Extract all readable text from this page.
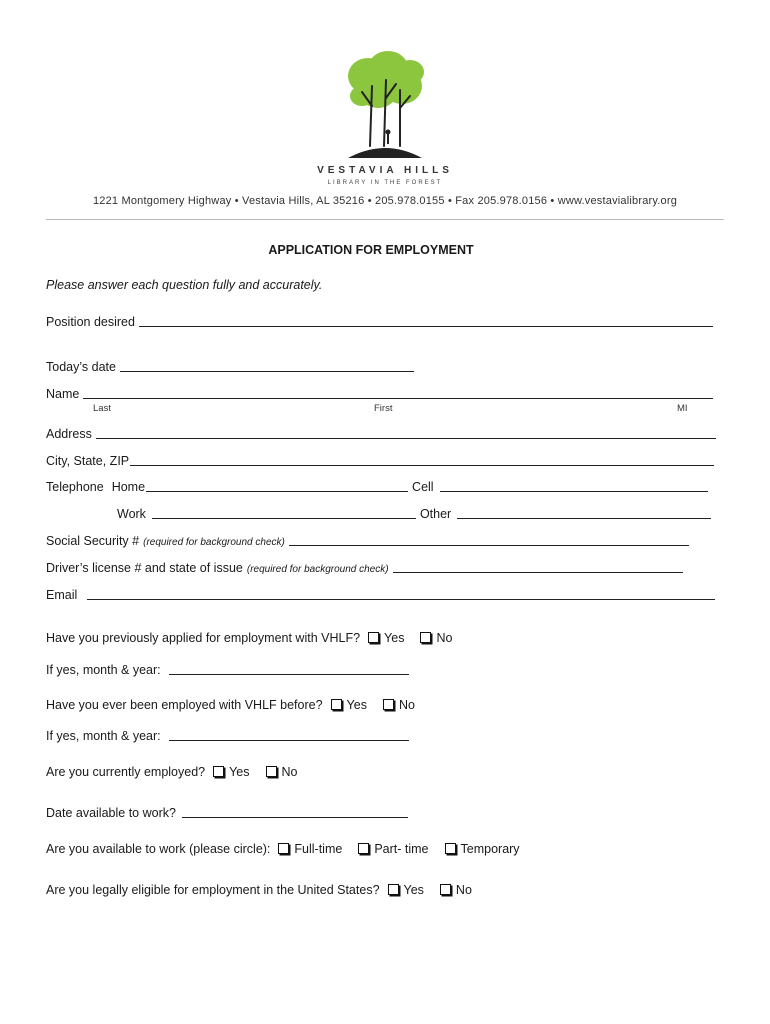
VESTAVIA HILLS
LIBRARY IN THE FOREST
1221 Montgomery Highway • Vestavia Hills, AL 35216 • 205.978.0155 • Fax 205.978.0156 • www.vestavialibrary.org
APPLICATION FOR EMPLOYMENT
Please answer each question fully and accurately.
Position desired
Today’s date
Name
Last	First	MI
Address
City, State, ZIP
Telephone Home	Cell
Work	Other
Social Security # (required for background check)
Driver’s license # and state of issue (required for background check)
Email
Have you previously applied for employment with VHLF? Yes	No
If yes, month & year:
Have you ever been employed with VHLF before? Yes	No
If yes, month & year:
Are you currently employed? Yes	No
Date available to work?
Are you available to work (please circle): Full-time	Part- time	Temporary
Are you legally eligible for employment in the United States? Yes	No
